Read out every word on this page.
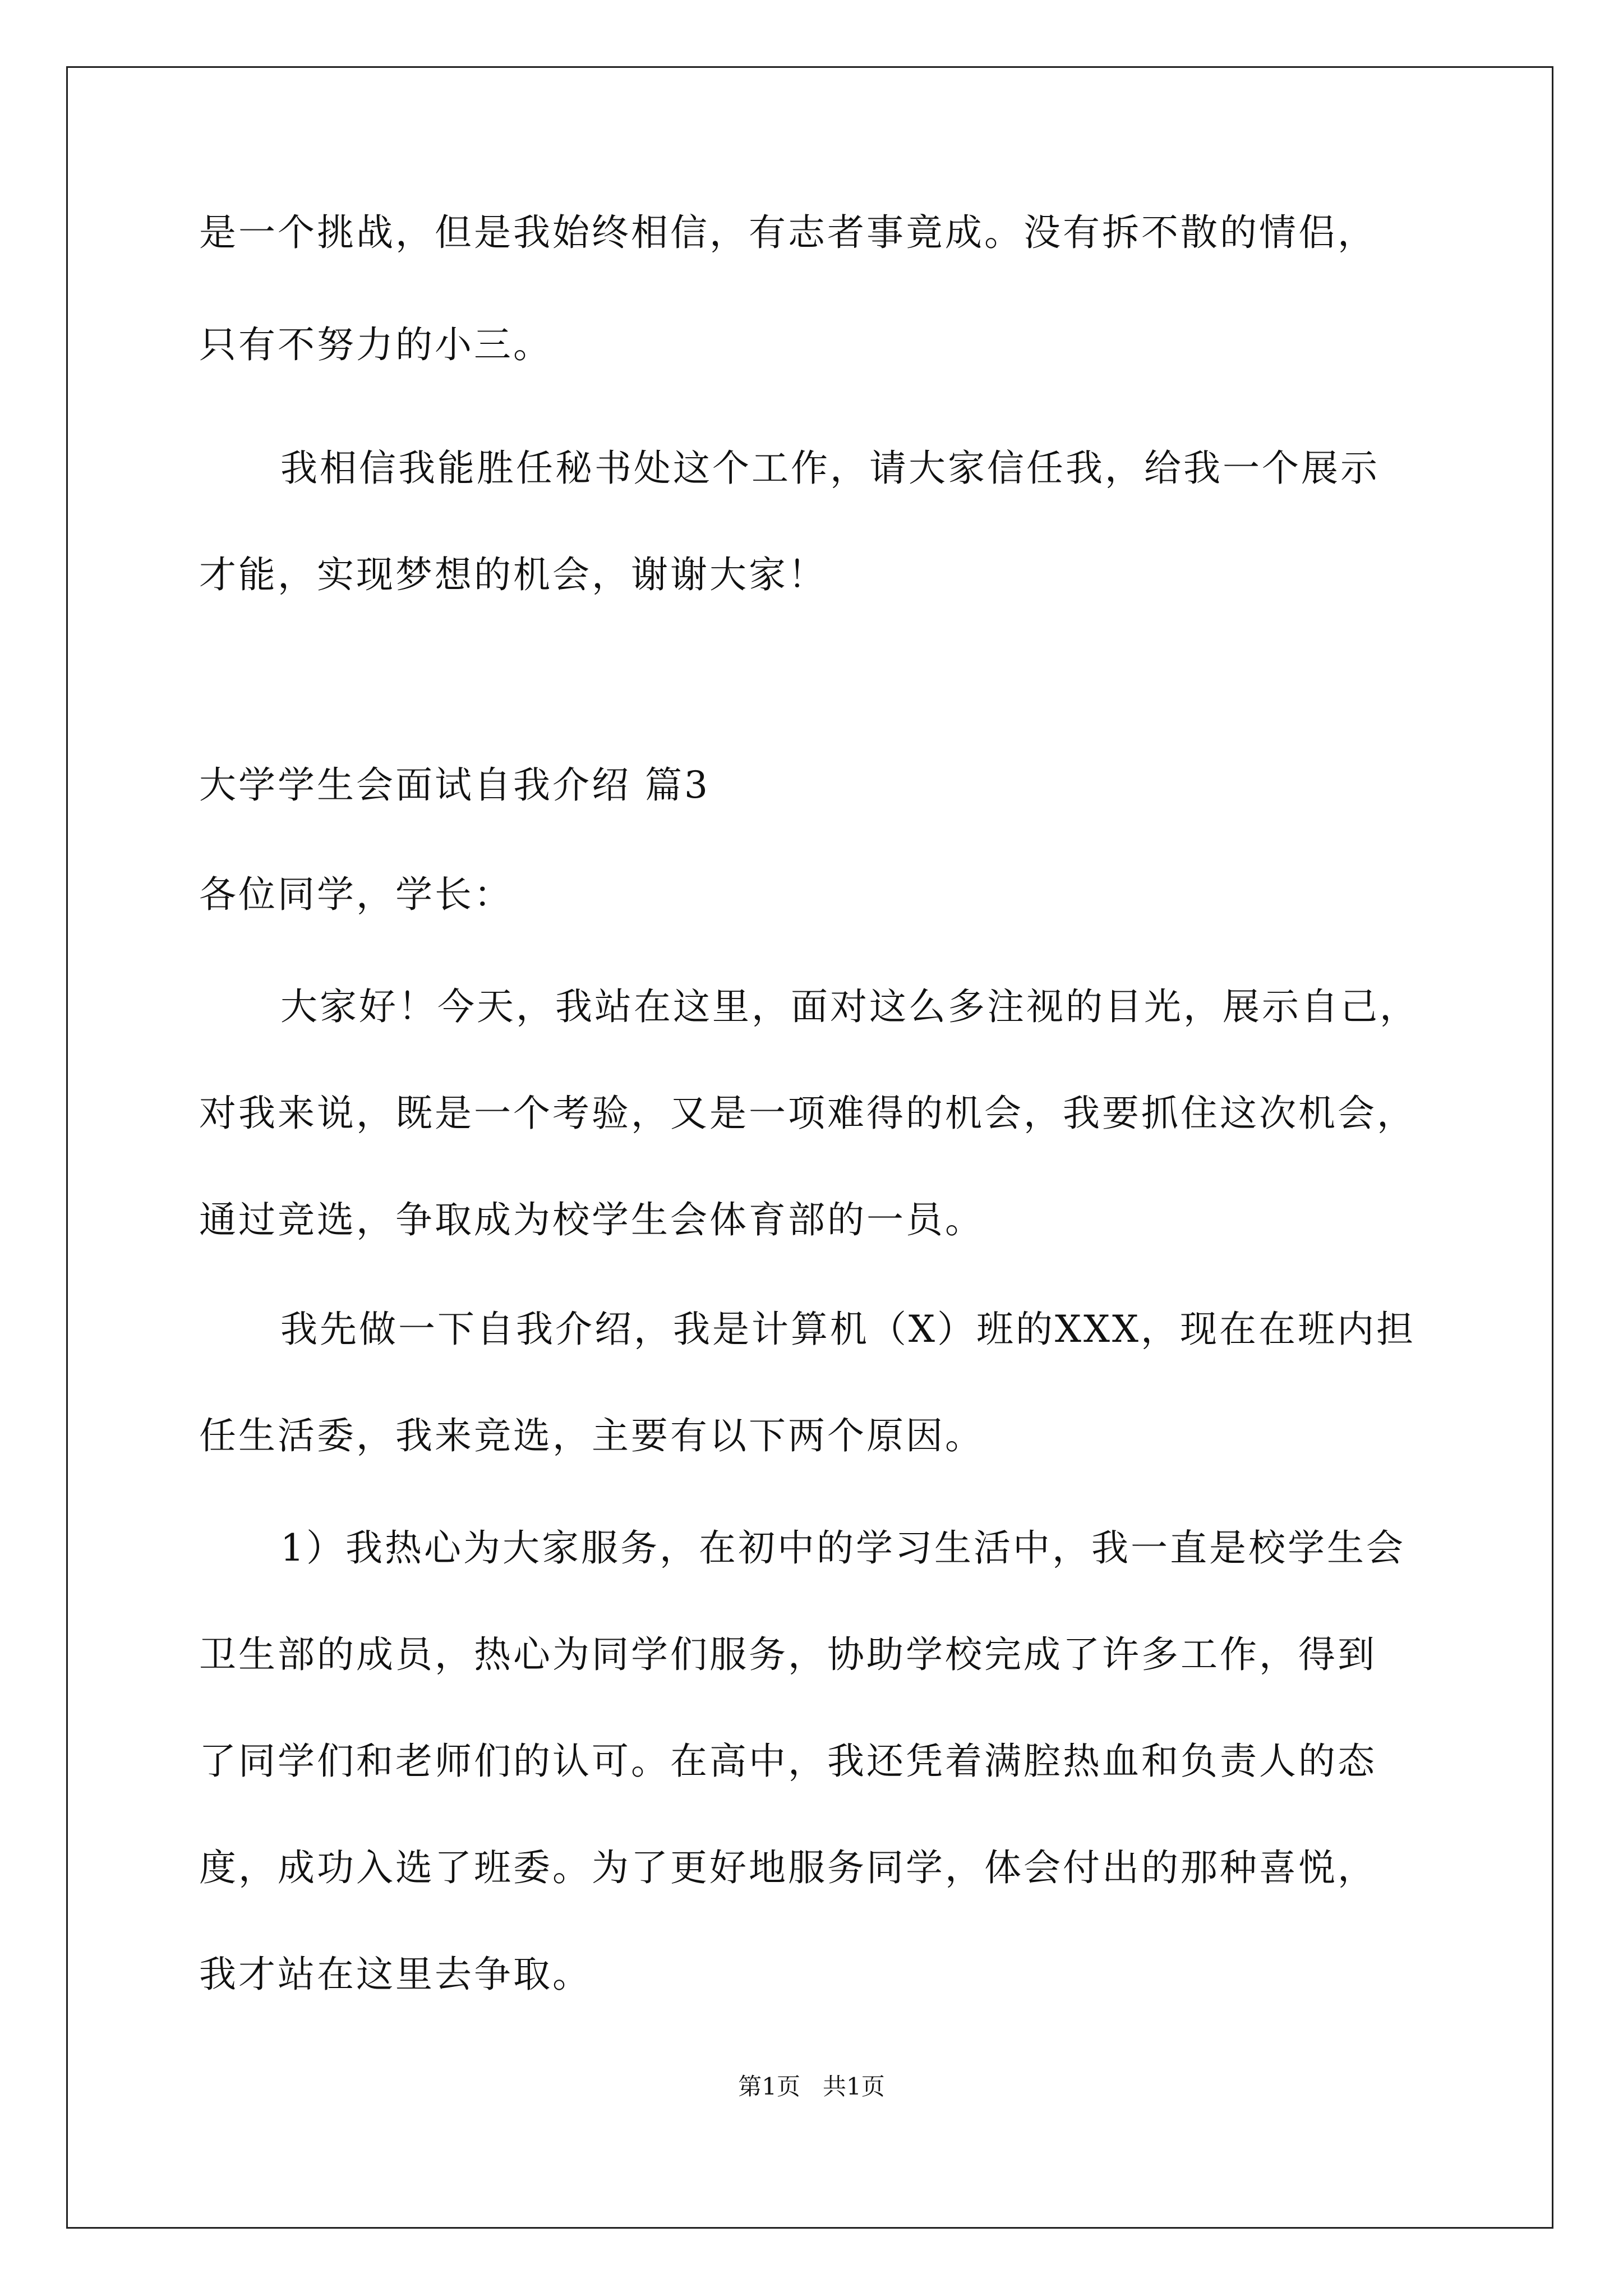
是一个挑战，但是我始终相信，有志者事竟成。没有拆不散的情侣，
只有不努力的小三。
我相信我能胜任秘书处这个工作，请大家信任我，给我一个展示
才能，实现梦想的机会，谢谢大家！
大学学生会面试自我介绍 篇3
各位同学，学长：
大家好！今天，我站在这里，面对这么多注视的目光，展示自己，
对我来说，既是一个考验，又是一项难得的机会，我要抓住这次机会，
通过竞选，争取成为校学生会体育部的一员。
我先做一下自我介绍，我是计算机（X）班的XXX，现在在班内担
任生活委，我来竞选，主要有以下两个原因。
1）我热心为大家服务，在初中的学习生活中，我一直是校学生会
卫生部的成员，热心为同学们服务，协助学校完成了许多工作，得到
了同学们和老师们的认可。在高中，我还凭着满腔热血和负责人的态
度，成功入选了班委。为了更好地服务同学，体会付出的那种喜悦，
我才站在这里去争取。
第1页   共1页
